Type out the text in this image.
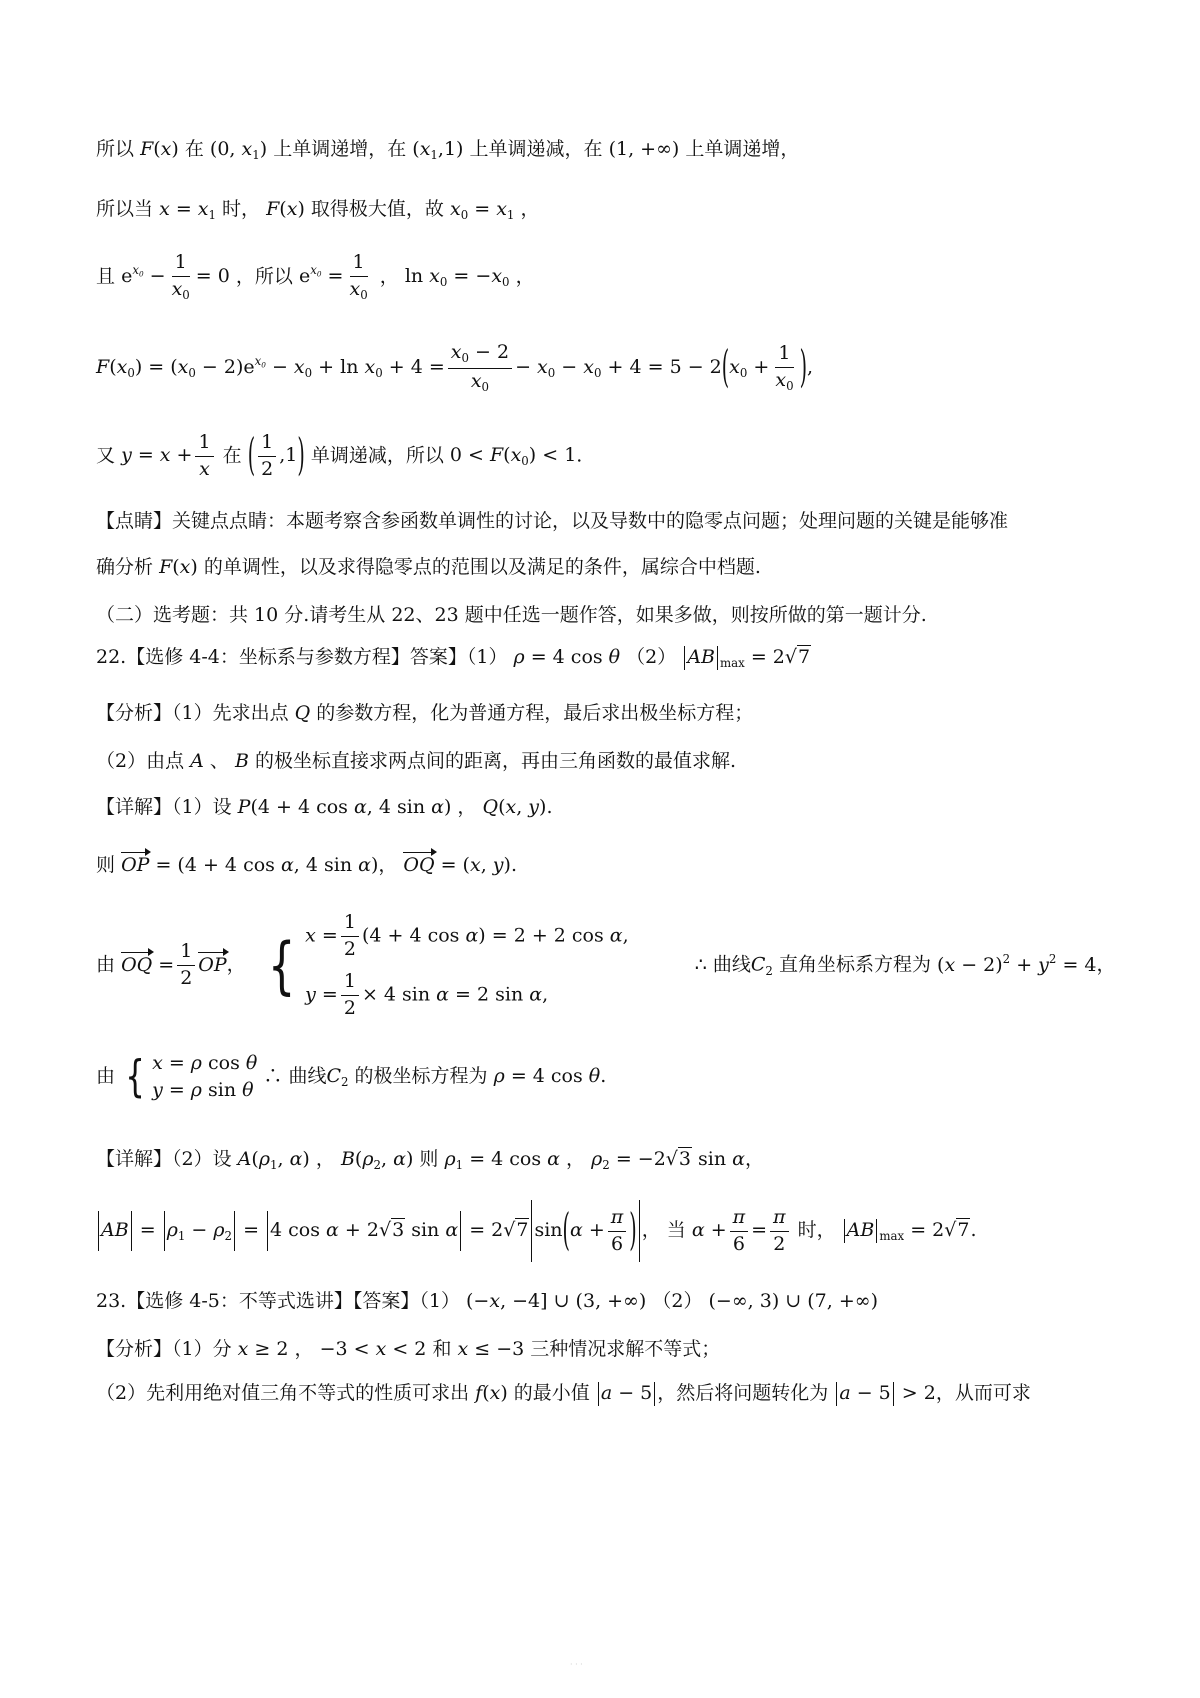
所以 F(x) 在 (0, $x_1$) 上单调递增，在 $(x_1,1)$ 上单调递减，在 (1, +∞) 上单调递增，
所以当 $x = x_1$ 时， F(x) 取得极大值，故 $x_0 = x_1$ ，
且 $e^{x_0} - \frac{1}{x_0} = 0$ ，所以 $e^{x_0} = \frac{1}{x_0}$ ， $\ln x_0 = -x_0$ ，
$F(x_0) = (x_0 - 2)e^{x_0} - x_0 + \ln x_0 + 4 = \frac{x_0 - 2}{x_0} - x_0 - x_0 + 4 = 5 - 2(x_0 + \frac{1}{x_0}$ ),
又 $y = x + \frac{1}{x}$ 在 ( $\frac{1}{2} ,1$) 单调递减，所以 $0 < F(x_0) < 1$.
【点睛】关键点点睛：本题考察含参函数单调性的讨论，以及导数中的隐零点问题；处理问题的关键是能够准
确分析 F(x) 的单调性，以及求得隐零点的范围以及满足的条件，属综合中档题.
（二）选考题：共 10 分.请考生从 22、23 题中任选一题作答，如果多做，则按所做的第一题计分.
22.【选修 4-4：坐标系与参数方程】答案】（1） ρ = 4 cos θ （2） AB $_{max}$ = 2√7
【分析】（1）先求出点 Q 的参数方程，化为普通方程，最后求出极坐标方程；
（2）由点 A 、 B 的极坐标直接求两点间的距离，再由三角函数的最值求解.
【详解】（1）设 P(4 + 4 cos α, 4 sin α) ， Q(x, y).
则 OP = (4 + 4 cos α, 4 sin α)， OQ = (x, y).
由 OQ = $\frac{1}{2}$ OP， { $x = \frac{1}{2} (4 + 4$ cos α) = 2 + 2 cos α,
$y = \frac{1}{2} \times 4$ sin α = 2 sin α,
∴ 曲线$C_2$ 直角坐标系方程为 $(x - 2)^2 + y^2 = 4$，
由 { x = ρ cos θ
y = ρ sin θ
∴ 曲线$C_2$ 的极坐标方程为 ρ = 4 cos θ.
【详解】（2）设 $A(\rho_1$, α) ， $B(\rho_2$, α) 则 $\rho_1 = 4$ cos α ， $\rho_2 = -2√3$ sin α，
AB = $\rho_1 - \rho_2 = 4$ cos α + 2√3 sin α = 2√7 $\sin(\alpha + \frac{\pi}{6}$ ) ， 当 $\alpha + \frac{\pi}{6} = \frac{\pi}{2}$ 时， AB $_{max}$ = 2√7.
23.【选修 4-5：不等式选讲】【答案】（1） (−x, −4] ∪ (3, +∞) （2） (−∞, 3) ∪ (7, +∞)
【分析】（1）分 x ≥ 2 ， −3 < x < 2 和 x ≤ −3 三种情况求解不等式；
（2）先利用绝对值三角不等式的性质可求出 f(x) 的最小值 a − 5 ，然后将问题转化为 a − 5 > 2，从而可求
· · ·
